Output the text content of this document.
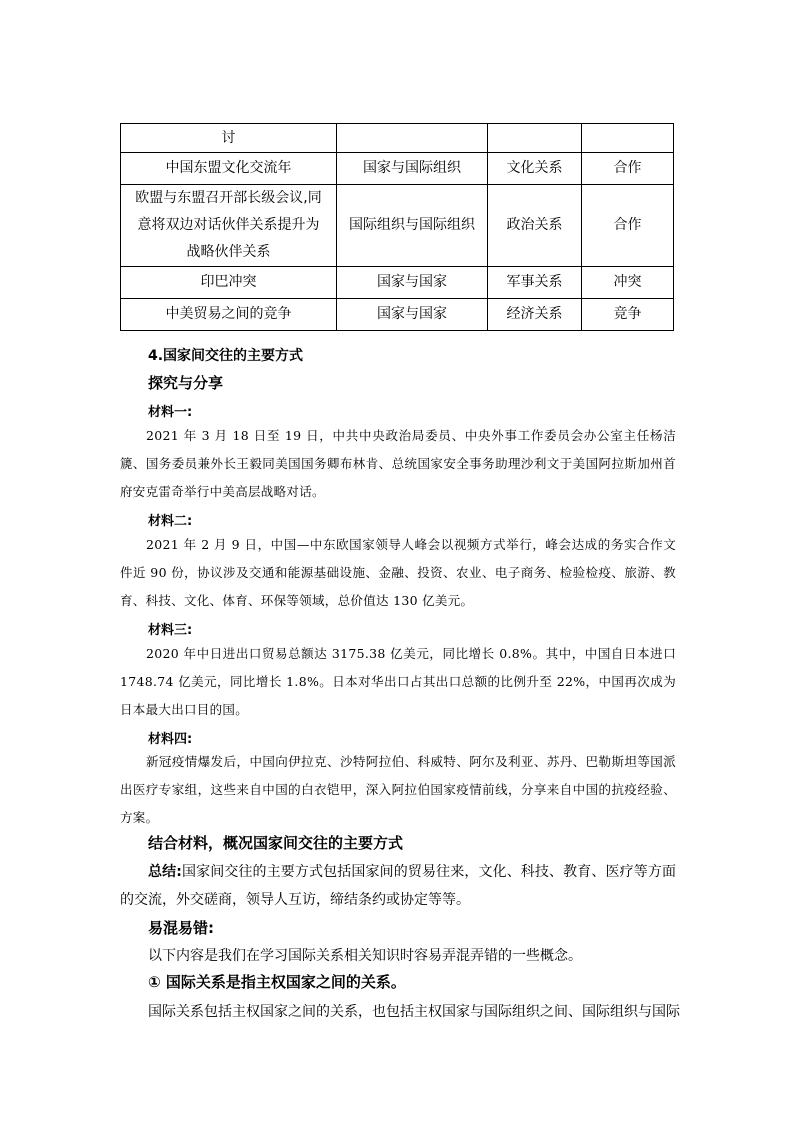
讨			
中国东盟文化交流年	国家与国际组织	文化关系	合作
欧盟与东盟召开部长级会议,同意将双边对话伙伴关系提升为战略伙伴关系	国际组织与国际组织	政治关系	合作
印巴冲突	国家与国家	军事关系	冲突
中美贸易之间的竞争	国家与国家	经济关系	竞争
4.国家间交往的主要方式
探究与分享
材料一:
2021 年 3 月 18 日至 19 日，中共中央政治局委员、中央外事工作委员会办公室主任杨洁篪、国务委员兼外长王毅同美国国务卿布林肯、总统国家安全事务助理沙利文于美国阿拉斯加州首府安克雷奇举行中美高层战略对话。
材料二:
2021 年 2 月 9 日，中国—中东欧国家领导人峰会以视频方式举行，峰会达成的务实合作文件近 90 份，协议涉及交通和能源基础设施、金融、投资、农业、电子商务、检验检疫、旅游、教育、科技、文化、体育、环保等领域，总价值达 130 亿美元。
材料三:
2020 年中日进出口贸易总额达 3175.38 亿美元，同比增长 0.8%。其中，中国自日本进口 1748.74 亿美元，同比增长 1.8%。日本对华出口占其出口总额的比例升至 22%，中国再次成为日本最大出口目的国。
材料四:
新冠疫情爆发后，中国向伊拉克、沙特阿拉伯、科威特、阿尔及利亚、苏丹、巴勒斯坦等国派出医疗专家组，这些来自中国的白衣铠甲，深入阿拉伯国家疫情前线，分享来自中国的抗疫经验、方案。
结合材料，概况国家间交往的主要方式
总结:国家间交往的主要方式包括国家间的贸易往来，文化、科技、教育、医疗等方面的交流，外交磋商，领导人互访，缔结条约或协定等等。
易混易错:
以下内容是我们在学习国际关系相关知识时容易弄混弄错的一些概念。
① 国际关系是指主权国家之间的关系。
国际关系包括主权国家之间的关系，也包括主权国家与国际组织之间、国际组织与国际
